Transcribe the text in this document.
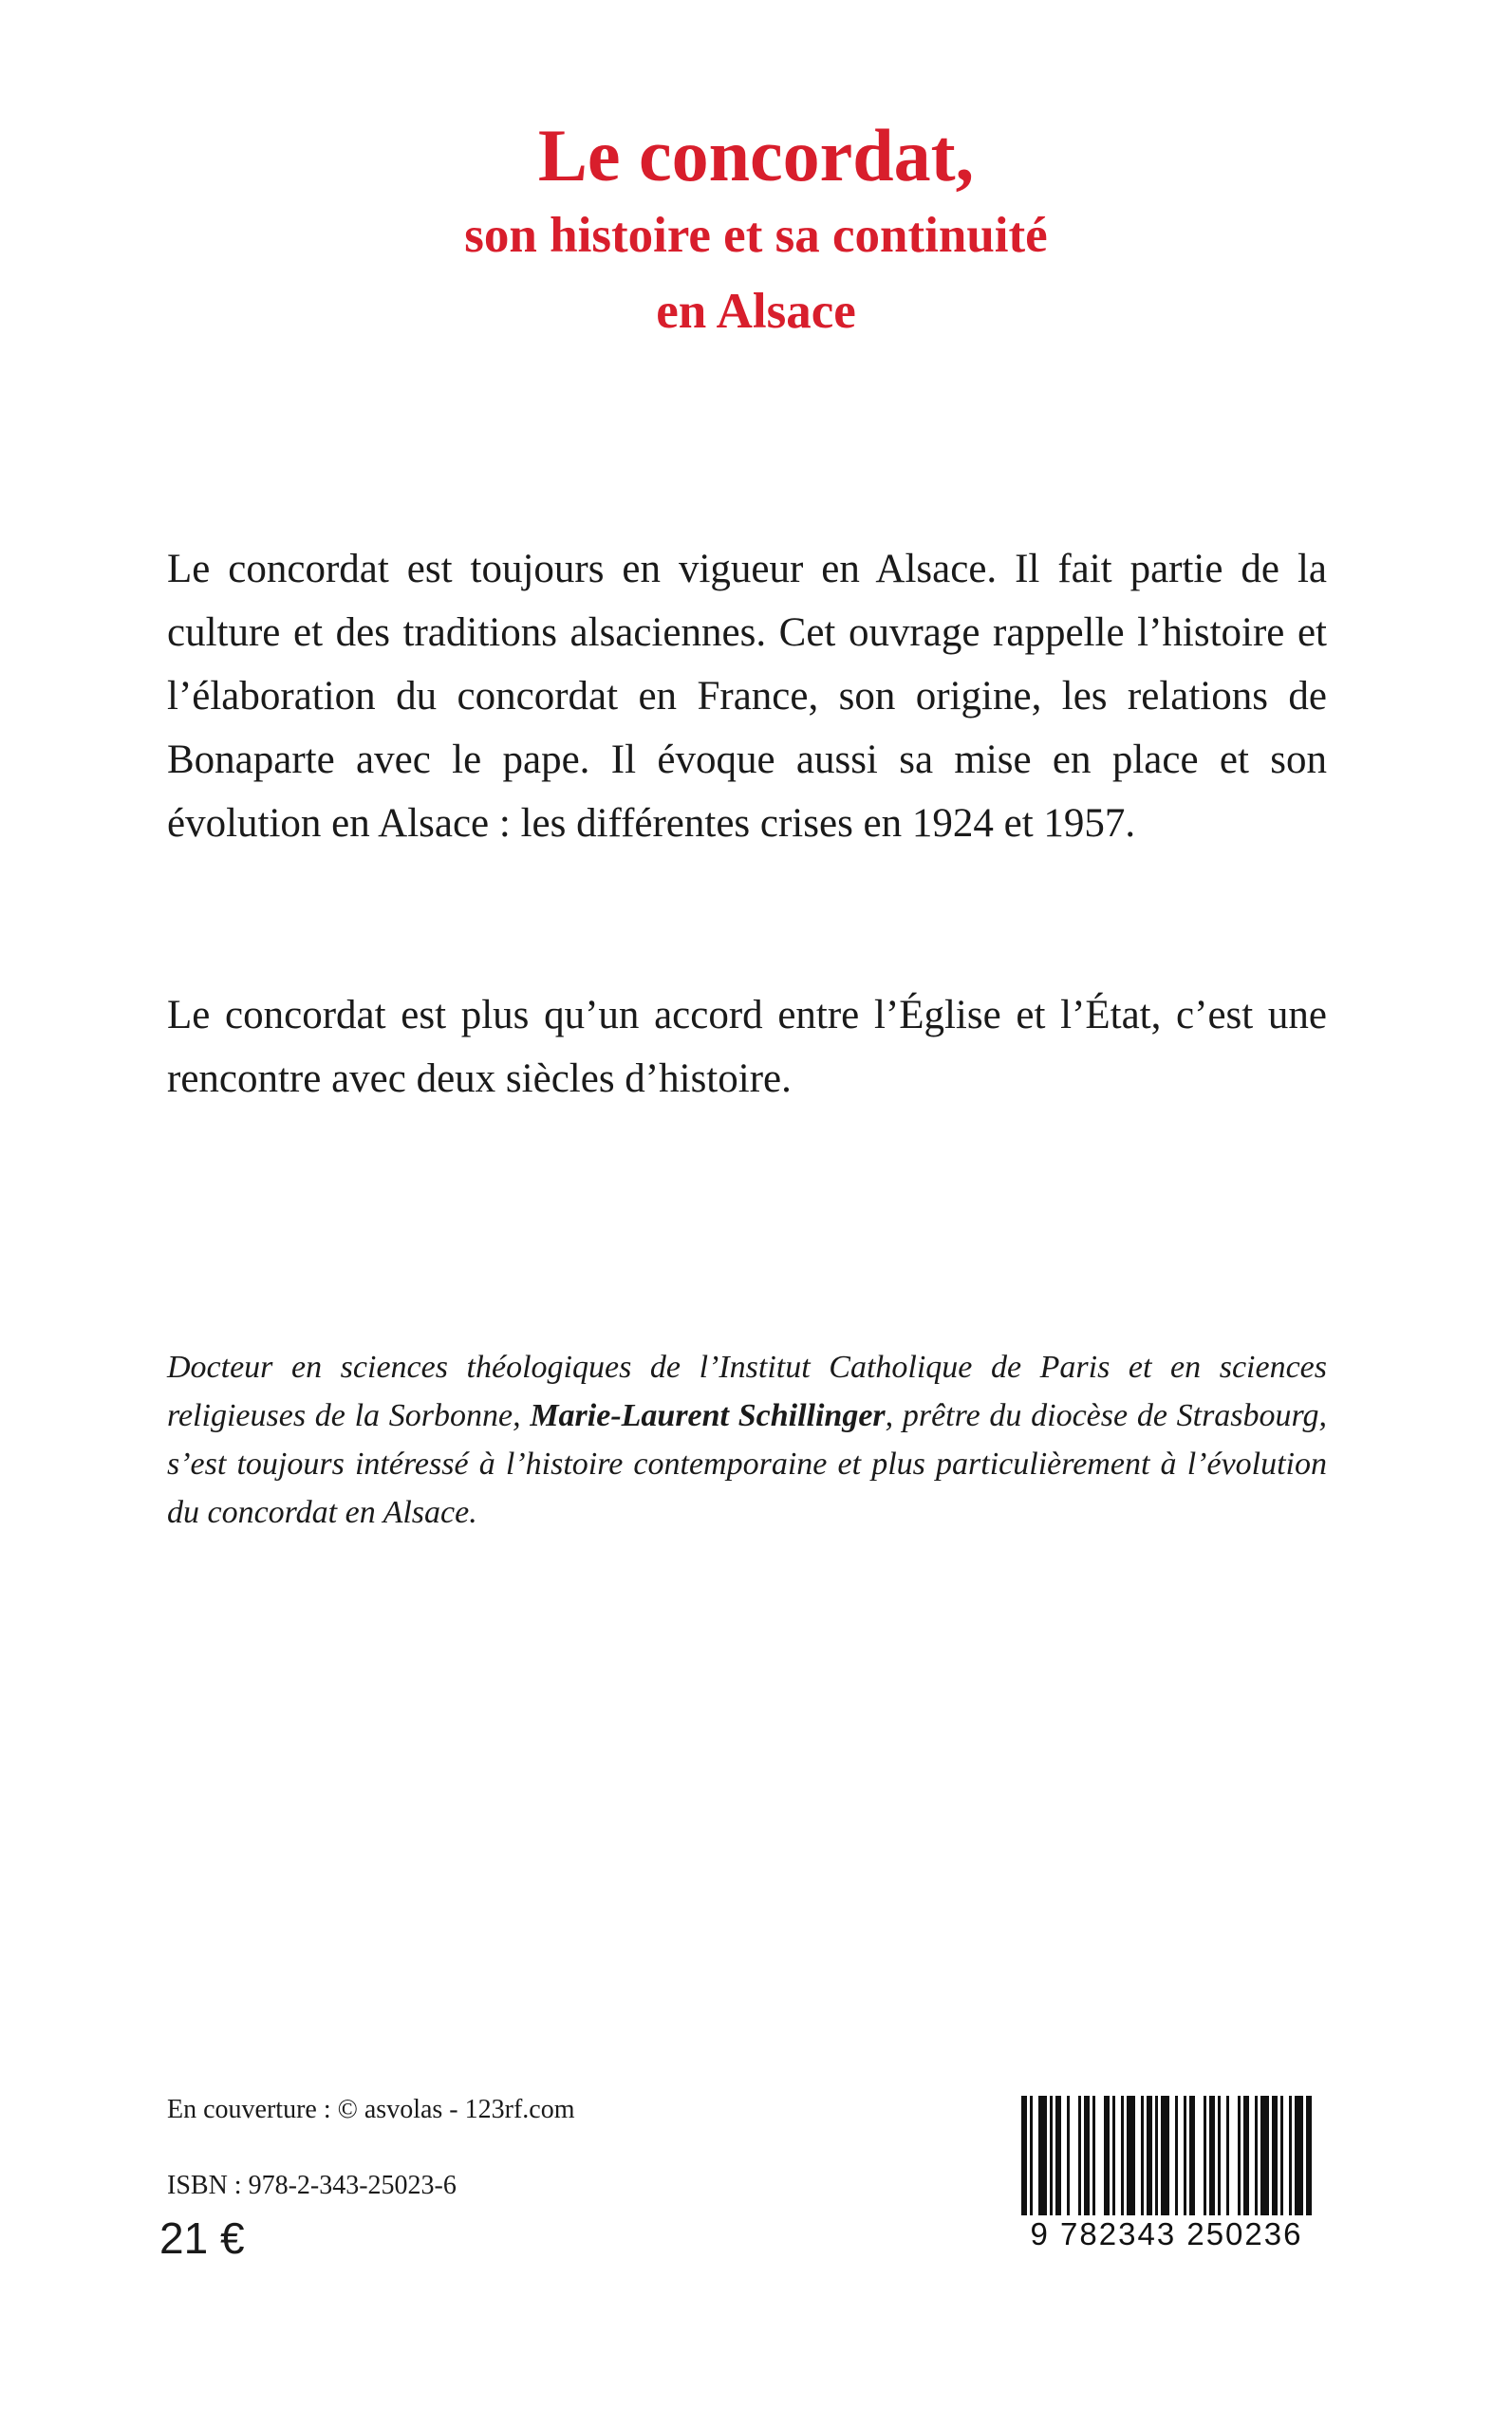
Le concordat,

son histoire et sa continuité

en Alsace

Le concordat est toujours en vigueur en Alsace. Il fait partie de la culture et des traditions alsaciennes. Cet ouvrage rappelle l’histoire et l’élaboration du concordat en France, son origine, les relations de Bonaparte avec le pape. Il évoque aussi sa mise en place et son évolution en Alsace : les différentes crises en 1924 et 1957.

Le concordat est plus qu’un accord entre l’Église et l’État, c’est une rencontre avec deux siècles d’histoire.

Docteur en sciences théologiques de l’Institut Catholique de Paris et en sciences religieuses de la Sorbonne, Marie-Laurent Schillinger, prêtre du diocèse de Strasbourg, s’est toujours intéressé à l’histoire contemporaine et plus particulièrement à l’évolution du concordat en Alsace.

En couverture : © asvolas - 123rf.com

ISBN : 978-2-343-25023-6

21 €	9 782343 250236
